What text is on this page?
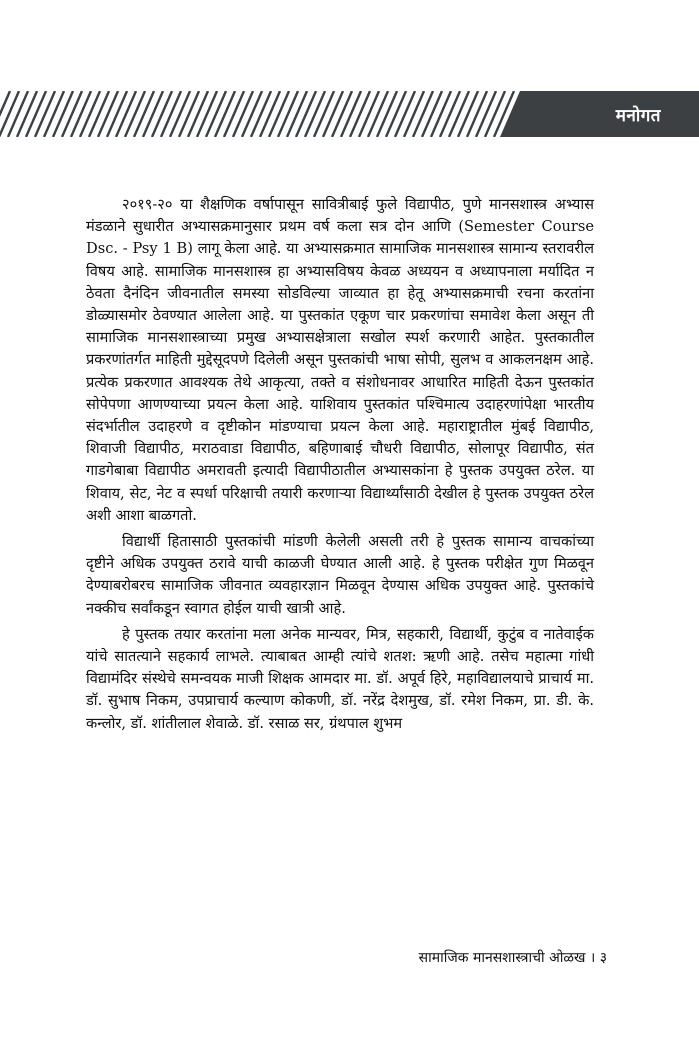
मनोगत

२०१९-२० या शैक्षणिक वर्षापासून सावित्रीबाई फुले विद्यापीठ, पुणे मानसशास्त्र अभ्यास मंडळाने सुधारीत अभ्यासक्रमानुसार प्रथम वर्ष कला सत्र दोन आणि (Semester Course Dsc. - Psy 1 B) लागू केला आहे. या अभ्यासक्रमात सामाजिक मानसशास्त्र सामान्य स्तरावरील विषय आहे. सामाजिक मानसशास्त्र हा अभ्यासविषय केवळ अध्ययन व अध्यापनाला मर्यादित न ठेवता दैनंदिन जीवनातील समस्या सोडविल्या जाव्यात हा हेतू अभ्यासक्रमाची रचना करतांना डोळ्यासमोर ठेवण्यात आलेला आहे. या पुस्तकांत एकूण चार प्रकरणांचा समावेश केला असून ती सामाजिक मानसशास्त्राच्या प्रमुख अभ्यासक्षेत्राला सखोल स्पर्श करणारी आहेत. पुस्तकातील प्रकरणांतर्गत माहिती मुद्देसूदपणे दिलेली असून पुस्तकांची भाषा सोपी, सुलभ व आकलनक्षम आहे. प्रत्येक प्रकरणात आवश्यक तेथे आकृत्या, तक्ते व संशोधनावर आधारित माहिती देऊन पुस्तकांत सोपेपणा आणण्याच्या प्रयत्न केला आहे. याशिवाय पुस्तकांत पश्चिमात्य उदाहरणांपेक्षा भारतीय संदर्भातील उदाहरणे व दृष्टीकोन मांडण्याचा प्रयत्न केला आहे. महाराष्ट्रातील मुंबई विद्यापीठ, शिवाजी विद्यापीठ, मराठवाडा विद्यापीठ, बहिणाबाई चौधरी विद्यापीठ, सोलापूर विद्यापीठ, संत गाडगेबाबा विद्यापीठ अमरावती इत्यादी विद्यापीठातील अभ्यासकांना हे पुस्तक उपयुक्त ठरेल. या शिवाय, सेट, नेट व स्पर्धा परिक्षाची तयारी करणाऱ्या विद्यार्थ्यांसाठी देखील हे पुस्तक उपयुक्त ठरेल अशी आशा बाळगतो.

विद्यार्थी हितासाठी पुस्तकांची मांडणी केलेली असली तरी हे पुस्तक सामान्य वाचकांच्या दृष्टीने अधिक उपयुक्त ठरावे याची काळजी घेण्यात आली आहे. हे पुस्तक परीक्षेत गुण मिळवून देण्याबरोबरच सामाजिक जीवनात व्यवहारज्ञान मिळवून देण्यास अधिक उपयुक्त आहे. पुस्तकांचे नक्कीच सर्वांकडून स्वागत होईल याची खात्री आहे.

हे पुस्तक तयार करतांना मला अनेक मान्यवर, मित्र, सहकारी, विद्यार्थी, कुटुंब व नातेवाईक यांचे सातत्याने सहकार्य लाभले. त्याबाबत आम्ही त्यांचे शतश: ऋणी आहे. तसेच महात्मा गांधी विद्यामंदिर संस्थेचे समन्वयक माजी शिक्षक आमदार मा. डॉ. अपूर्व हिरे, महाविद्यालयाचे प्राचार्य मा. डॉ. सुभाष निकम, उपप्राचार्य कल्याण कोकणी, डॉ. नरेंद्र देशमुख, डॉ. रमेश निकम, प्रा. डी. के. कन्लोर, डॉ. शांतीलाल शेवाळे. डॉ. रसाळ सर, ग्रंथपाल शुभम

सामाजिक मानसशास्त्राची ओळख । ३
